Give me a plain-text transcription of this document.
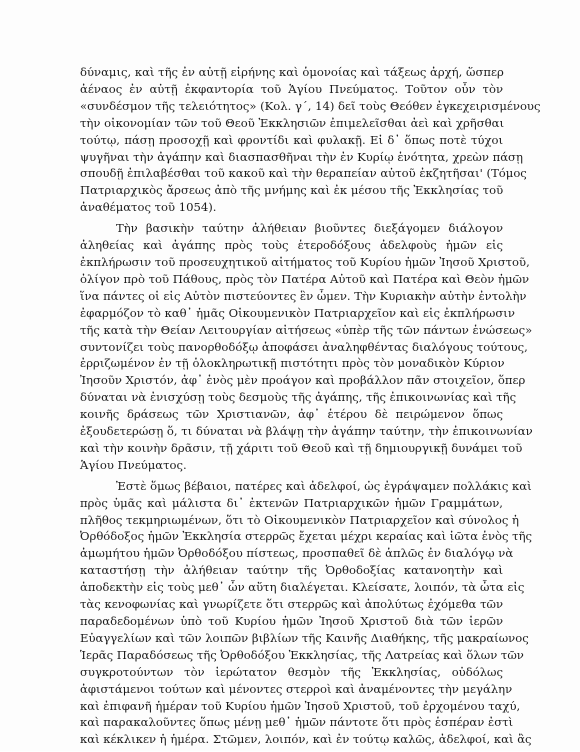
δύναμις, καὶ τῆς ἐν αὐτῇ εἰρήνης καὶ ὁμονοίας καὶ τάξεως ἀρχή, ὥσπερ
ἀέναος ἐν αὐτῇ ἐκφαντορία τοῦ Ἁγίου Πνεύματος. Τοῦτον οὖν τὸν
«συνδέσμον τῆς τελειότητος» (Κολ. γ΄, 14) δεῖ τοὺς Θεόθεν ἐγκεχειρισμένους
τὴν οἰκονομίαν τῶν τοῦ Θεοῦ Ἐκκλησιῶν ἐπιμελεῖσθαι ἀεὶ καὶ χρῆσθαι
τούτῳ, πάσῃ προσοχῇ καὶ φροντίδι καὶ φυλακῇ. Εἰ δ᾽ ὅπως ποτὲ τύχοι
ψυγῆναι τὴν ἀγάπην καὶ διασπασθῆναι τὴν ἐν Κυρίῳ ἑνότητα, χρεὼν πάσῃ
σπουδῇ ἐπιλαβέσθαι τοῦ κακοῦ καὶ τὴν θεραπείαν αὐτοῦ ἐκζητῆσαι' (Τόμος
Πατριαρχικὸς ἄρσεως ἀπὸ τῆς μνήμης καὶ ἐκ μέσου τῆς Ἐκκλησίας τοῦ
ἀναθέματος τοῦ 1054).
Τὴν βασικὴν ταύτην ἀλήθειαν βιοῦντες διεξάγομεν διάλογον
ἀληθείας καὶ ἀγάπης πρὸς τοὺς ἑτεροδόξους ἀδελφοὺς ἡμῶν εἰς
ἐκπλήρωσιν τοῦ προσευχητικοῦ αἰτήματος τοῦ Κυρίου ἡμῶν Ἰησοῦ Χριστοῦ,
ὀλίγον πρὸ τοῦ Πάθους, πρὸς τὸν Πατέρα Αὐτοῦ καὶ Πατέρα καὶ Θεὸν ἡμῶν
ἵνα πάντες οἱ εἰς Αὐτὸν πιστεύοντες ἓν ὦμεν. Τὴν Κυριακὴν αὐτὴν ἐντολὴν
ἐφαρμόζον τὸ καθ᾽ ἡμᾶς Οἰκουμενικὸν Πατριαρχεῖον καὶ εἰς ἐκπλήρωσιν
τῆς κατὰ τὴν Θείαν Λειτουργίαν αἰτήσεως «ὑπὲρ τῆς τῶν πάντων ἑνώσεως»
συντονίζει τοὺς πανορθοδόξῳ ἀποφάσει ἀναληφθέντας διαλόγους τούτους,
ἐρριζωμένον ἐν τῇ ὁλοκληρωτικῇ πιστότητι πρὸς τὸν μοναδικὸν Κύριον
Ἰησοῦν Χριστόν, ἀφ᾽ ἑνὸς μὲν προάγον καὶ προβάλλον πᾶν στοιχεῖον, ὅπερ
δύναται νὰ ἐνισχύσῃ τοὺς δεσμοὺς τῆς ἀγάπης, τῆς ἐπικοινωνίας καὶ τῆς
κοινῆς δράσεως τῶν Χριστιανῶν, ἀφ᾽ ἑτέρου δὲ πειρώμενον ὅπως
ἐξουδετερώσῃ ὅ, τι δύναται νὰ βλάψῃ τὴν ἀγάπην ταύτην, τὴν ἐπικοινωνίαν
καὶ τὴν κοινὴν δρᾶσιν, τῇ χάριτι τοῦ Θεοῦ καὶ τῇ δημιουργικῇ δυνάμει τοῦ
Ἁγίου Πνεύματος.
Ἐστὲ ὅμως βέβαιοι, πατέρες καὶ ἀδελφοί, ὡς ἐγράψαμεν πολλάκις καὶ
πρὸς ὑμᾶς καὶ μάλιστα δι᾽ ἐκτενῶν Πατριαρχικῶν ἡμῶν Γραμμάτων,
πλῆθος τεκμηριωμένων, ὅτι τὸ Οἰκουμενικὸν Πατριαρχεῖον καὶ σύνολος ἡ
Ὀρθόδοξος ἡμῶν Ἐκκλησία στερρῶς ἔχεται μέχρι κεραίας καὶ ἰῶτα ἑνὸς τῆς
ἀμωμήτου ἡμῶν Ὀρθοδόξου πίστεως, προσπαθεῖ δὲ ἁπλῶς ἐν διαλόγῳ νὰ
καταστήσῃ τὴν ἀλήθειαν ταύτην τῆς Ὀρθοδοξίας κατανοητὴν καὶ
ἀποδεκτὴν εἰς τοὺς μεθ᾽ ὧν αὕτη διαλέγεται. Κλείσατε, λοιπόν, τὰ ὦτα εἰς
τὰς κενοφωνίας καὶ γνωρίζετε ὅτι στερρῶς καὶ ἀπολύτως ἐχόμεθα τῶν
παραδεδομένων ὑπὸ τοῦ Κυρίου ἡμῶν Ἰησοῦ Χριστοῦ διὰ τῶν ἱερῶν
Εὐαγγελίων καὶ τῶν λοιπῶν βιβλίων τῆς Καινῆς Διαθήκης, τῆς μακραίωνος
Ἱερᾶς Παραδόσεως τῆς Ὀρθοδόξου Ἐκκλησίας, τῆς Λατρείας καὶ ὅλων τῶν
συγκροτούντων τὸν ἱερώτατον θεσμὸν τῆς Ἐκκλησίας, οὐδόλως
ἀφιστάμενοι τούτων καὶ μένοντες στερροὶ καὶ ἀναμένοντες τὴν μεγάλην
καὶ ἐπιφανῆ ἡμέραν τοῦ Κυρίου ἡμῶν Ἰησοῦ Χριστοῦ, τοῦ ἐρχομένου ταχύ,
καὶ παρακαλοῦντες ὅπως μένῃ μεθ᾽ ἡμῶν πάντοτε ὅτι πρὸς ἑσπέραν ἐστὶ
καὶ κέκλικεν ἡ ἡμέρα. Στῶμεν, λοιπόν, καὶ ἐν τούτῳ καλῶς, ἀδελφοί, καὶ ἂς
